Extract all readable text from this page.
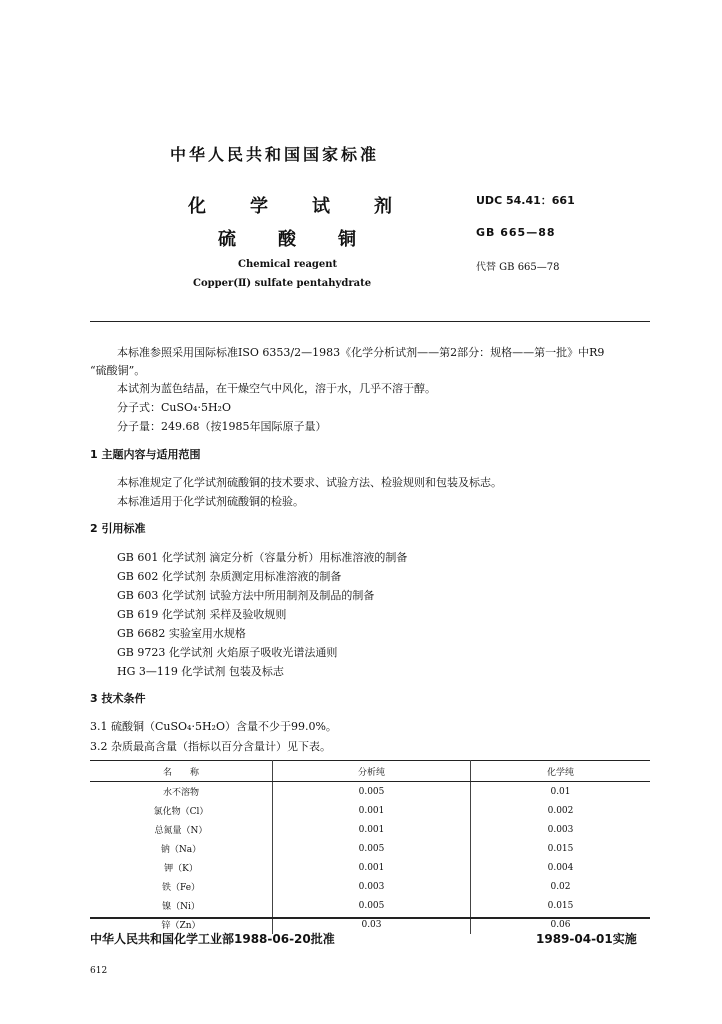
中华人民共和国国家标准
化学试剂
硫酸铜
UDC 54.41：661
GB 665—88
Chemical reagent	代替 GB 665—78
Copper(Ⅱ) sulfate pentahydrate
本标准参照采用国际标准ISO 6353/2—1983《化学分析试剂——第2部分：规格——第一批》中R9
“硫酸铜”。
本试剂为蓝色结晶，在干燥空气中风化，溶于水，几乎不溶于醇。
分子式：CuSO₄·5H₂O
分子量：249.68（按1985年国际原子量）
1 主题内容与适用范围
本标准规定了化学试剂硫酸铜的技术要求、试验方法、检验规则和包装及标志。
本标准适用于化学试剂硫酸铜的检验。
2 引用标准
GB 601 化学试剂 滴定分析（容量分析）用标准溶液的制备
GB 602 化学试剂 杂质测定用标准溶液的制备
GB 603 化学试剂 试验方法中所用制剂及制品的制备
GB 619 化学试剂 采样及验收规则
GB 6682 实验室用水规格
GB 9723 化学试剂 火焰原子吸收光谱法通则
HG 3—119 化学试剂 包装及标志
3 技术条件
3.1 硫酸铜（CuSO₄·5H₂O）含量不少于99.0%。
3.2 杂质最高含量（指标以百分含量计）见下表。
名　　称	分析纯	化学纯
水不溶物	0.005	0.01
氯化物（Cl）	0.001	0.002
总氮量（N）	0.001	0.003
钠（Na）	0.005	0.015
钾（K）	0.001	0.004
铁（Fe）	0.003	0.02
镍（Ni）	0.005	0.015
锌（Zn）	0.03	0.06
中华人民共和国化学工业部1988-06-20批准	1989-04-01实施
612
